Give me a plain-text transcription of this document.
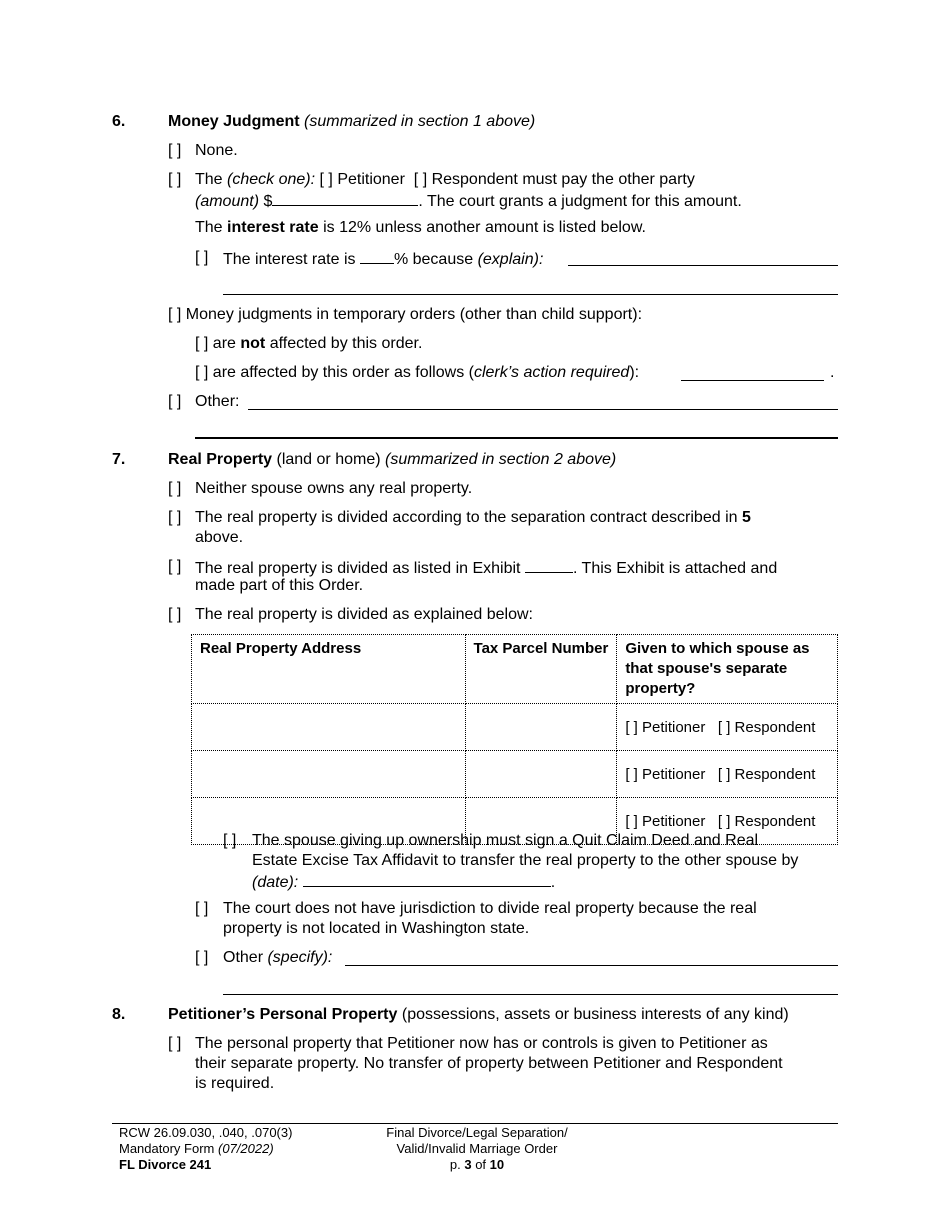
6.	Money Judgment (summarized in section 1 above)
[ ] None.
[ ] The (check one): [ ] Petitioner [ ] Respondent must pay the other party
(amount) $	. The court grants a judgment for this amount.
The interest rate is 12% unless another amount is listed below.
[ ] The interest rate is % because (explain):
[ ] Money judgments in temporary orders (other than child support):
[ ] are not affected by this order.
[ ] are affected by this order as follows (clerk’s action required):	.
[ ] Other:
7.	Real Property (land or home) (summarized in section 2 above)
[ ] Neither spouse owns any real property.
[ ] The real property is divided according to the separation contract described in 5
above.
[ ] The real property is divided as listed in Exhibit	. This Exhibit is attached and
made part of this Order.
[ ] The real property is divided as explained below:
Real Property Address	Tax Parcel Number	Given to which spouse as that spouse's separate property?
		[ ] Petitioner [ ] Respondent
		[ ] Petitioner [ ] Respondent
		[ ] Petitioner [ ] Respondent
[ ] The spouse giving up ownership must sign a Quit Claim Deed and Real
Estate Excise Tax Affidavit to transfer the real property to the other spouse by
(date):	.
[ ] The court does not have jurisdiction to divide real property because the real
property is not located in Washington state.
[ ] Other (specify):
8.	Petitioner’s Personal Property (possessions, assets or business interests of any kind)
[ ] The personal property that Petitioner now has or controls is given to Petitioner as
their separate property. No transfer of property between Petitioner and Respondent
is required.
RCW 26.09.030, .040, .070(3)
Mandatory Form (07/2022)
FL Divorce 241
Final Divorce/Legal Separation/
Valid/Invalid Marriage Order
p. 3 of 10
